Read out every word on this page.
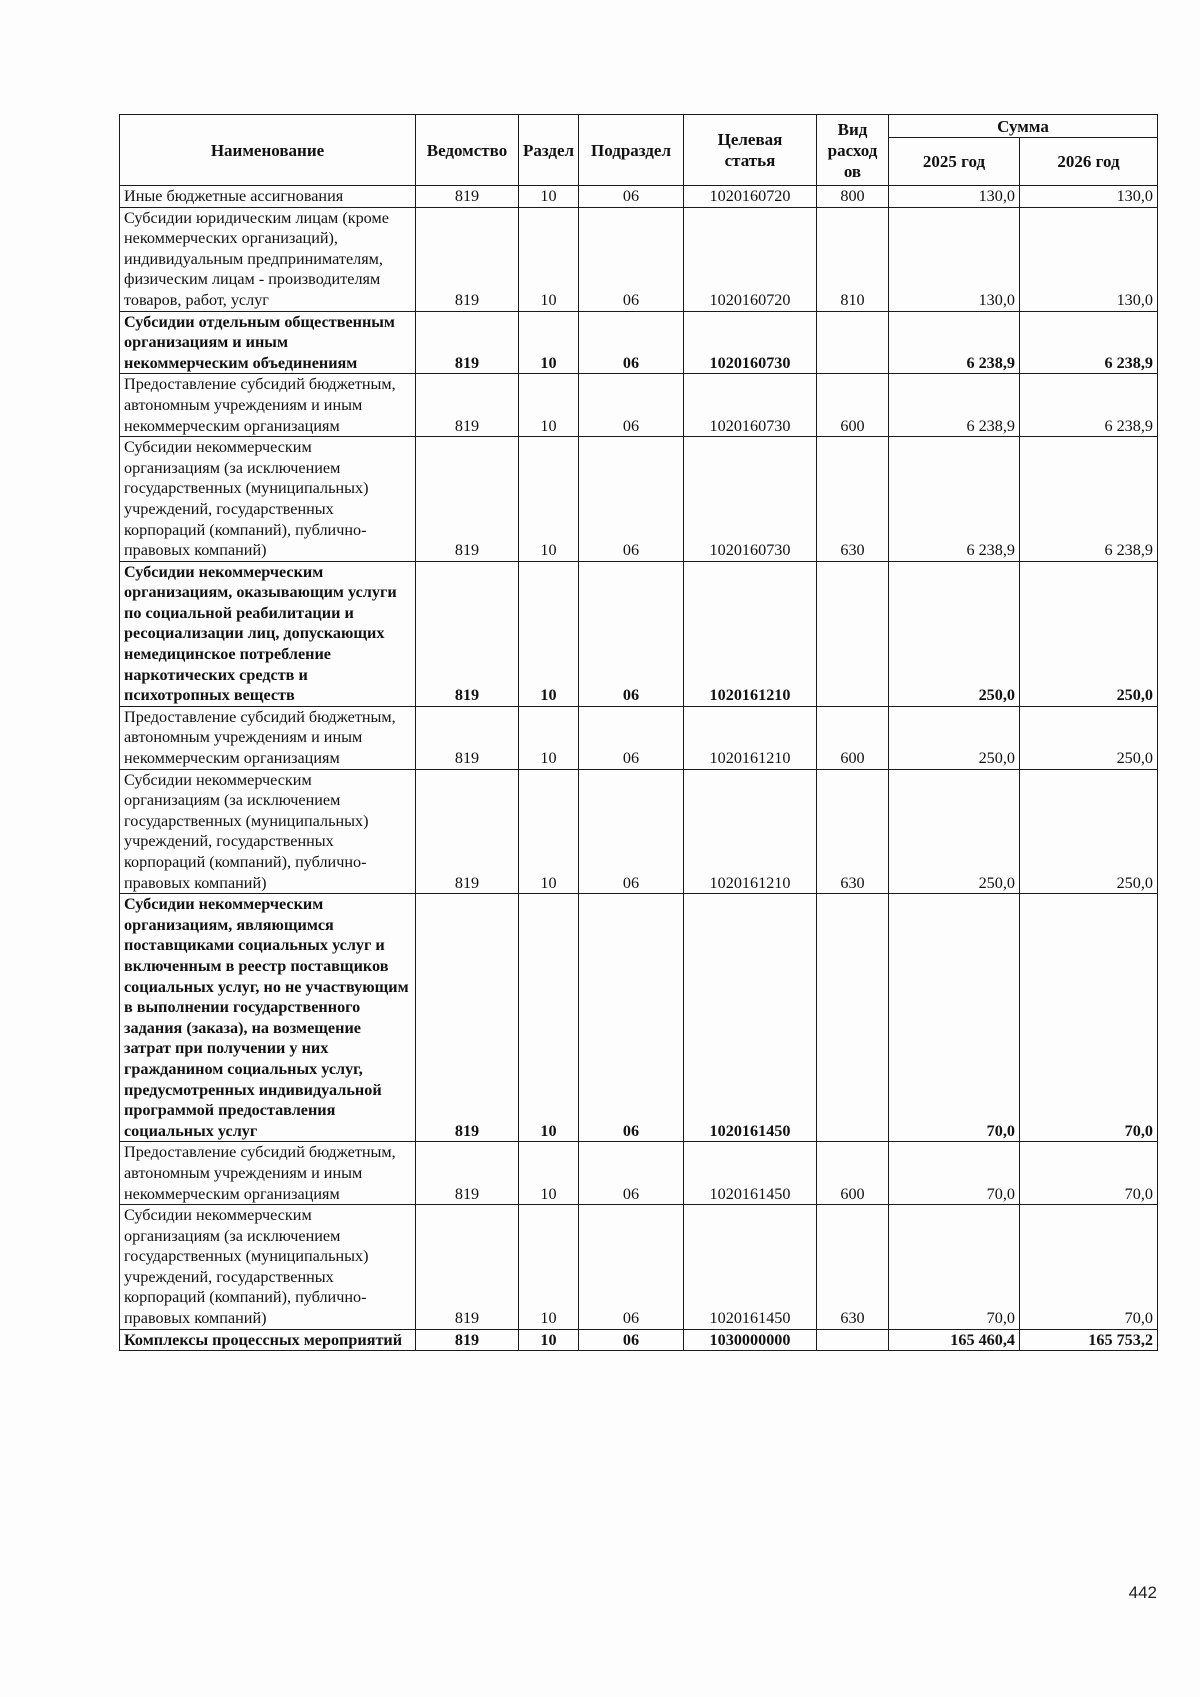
Наименование	Ведомство	Раздел	Подраздел	Целевая статья	Вид расход ов	Сумма	
						2025 год	2026 год
Иные бюджетные ассигнования	819	10	06	1020160720	800	130,0	130,0
Субсидии юридическим лицам (кроме некоммерческих организаций), индивидуальным предпринимателям, физическим лицам - производителям товаров, работ, услуг	819	10	06	1020160720	810	130,0	130,0
Субсидии отдельным общественным организациям и иным некоммерческим объединениям	819	10	06	1020160730		6 238,9	6 238,9
Предоставление субсидий бюджетным, автономным учреждениям и иным некоммерческим организациям	819	10	06	1020160730	600	6 238,9	6 238,9
Субсидии некоммерческим организациям (за исключением государственных (муниципальных) учреждений, государственных корпораций (компаний), публично-правовых компаний)	819	10	06	1020160730	630	6 238,9	6 238,9
Субсидии некоммерческим организациям, оказывающим услуги по социальной реабилитации и ресоциализации лиц, допускающих немедицинское потребление наркотических средств и психотропных веществ	819	10	06	1020161210		250,0	250,0
Предоставление субсидий бюджетным, автономным учреждениям и иным некоммерческим организациям	819	10	06	1020161210	600	250,0	250,0
Субсидии некоммерческим организациям (за исключением государственных (муниципальных) учреждений, государственных корпораций (компаний), публично-правовых компаний)	819	10	06	1020161210	630	250,0	250,0
Субсидии некоммерческим организациям, являющимся поставщиками социальных услуг и включенным в реестр поставщиков социальных услуг, но не участвующим в выполнении государственного задания (заказа), на возмещение затрат при получении у них гражданином социальных услуг, предусмотренных индивидуальной программой предоставления социальных услуг	819	10	06	1020161450		70,0	70,0
Предоставление субсидий бюджетным, автономным учреждениям и иным некоммерческим организациям	819	10	06	1020161450	600	70,0	70,0
Субсидии некоммерческим организациям (за исключением государственных (муниципальных) учреждений, государственных корпораций (компаний), публично-правовых компаний)	819	10	06	1020161450	630	70,0	70,0
Комплексы процессных мероприятий	819	10	06	1030000000		165 460,4	165 753,2
442
